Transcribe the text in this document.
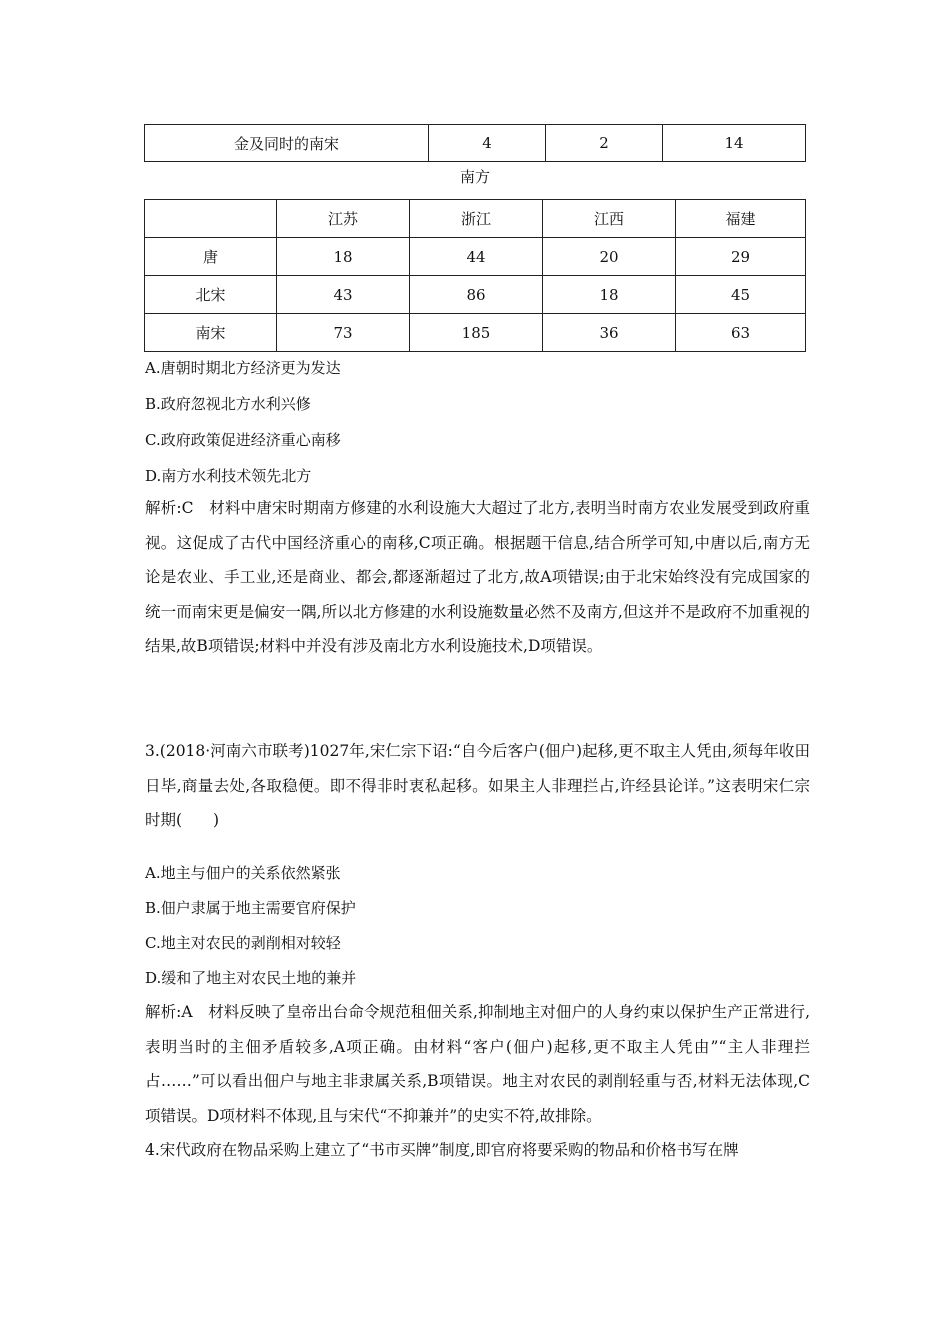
金及同时的南宋	4	2	14
南方
	江苏	浙江	江西	福建
唐	18	44	20	29
北宋	43	86	18	45
南宋	73	185	36	63
A.唐朝时期北方经济更为发达
B.政府忽视北方水利兴修
C.政府政策促进经济重心南移
D.南方水利技术领先北方
解析:C　材料中唐宋时期南方修建的水利设施大大超过了北方,表明当时南方农业发展受到政府重视。这促成了古代中国经济重心的南移,C项正确。根据题干信息,结合所学可知,中唐以后,南方无论是农业、手工业,还是商业、都会,都逐渐超过了北方,故A项错误;由于北宋始终没有完成国家的统一而南宋更是偏安一隅,所以北方修建的水利设施数量必然不及南方,但这并不是政府不加重视的结果,故B项错误;材料中并没有涉及南北方水利设施技术,D项错误。
3.(2018·河南六市联考)1027年,宋仁宗下诏:“自今后客户(佃户)起移,更不取主人凭由,须每年收田日毕,商量去处,各取稳便。即不得非时衷私起移。如果主人非理拦占,许经县论详。”这表明宋仁宗时期(　　)
A.地主与佃户的关系依然紧张
B.佃户隶属于地主需要官府保护
C.地主对农民的剥削相对较轻
D.缓和了地主对农民土地的兼并
解析:A　材料反映了皇帝出台命令规范租佃关系,抑制地主对佃户的人身约束以保护生产正常进行,表明当时的主佃矛盾较多,A项正确。由材料“客户(佃户)起移,更不取主人凭由”“主人非理拦占……”可以看出佃户与地主非隶属关系,B项错误。地主对农民的剥削轻重与否,材料无法体现,C项错误。D项材料不体现,且与宋代“不抑兼并”的史实不符,故排除。
4.宋代政府在物品采购上建立了“书市买牌”制度,即官府将要采购的物品和价格书写在牌
